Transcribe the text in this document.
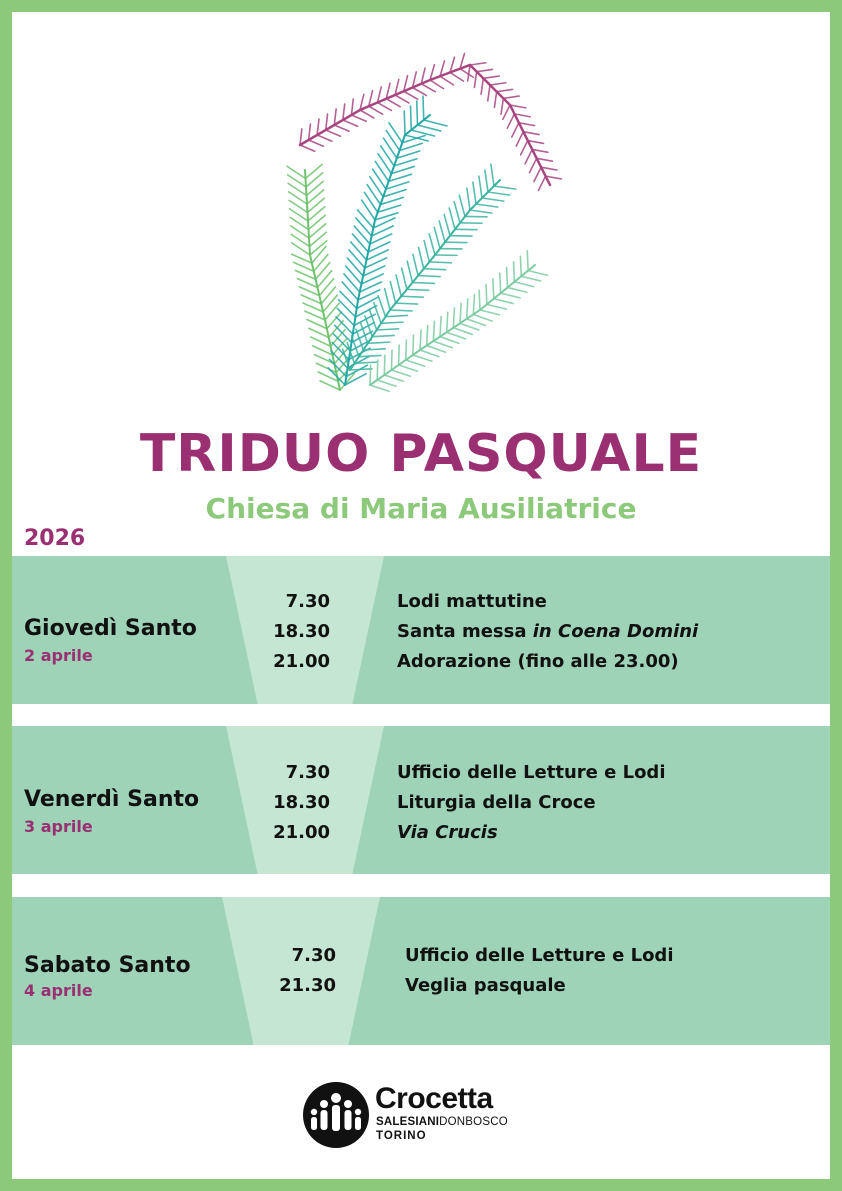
TRIDUO PASQUALE
Chiesa di Maria Ausiliatrice
2026
Giovedì Santo
2 aprile
7.30
18.30
21.00
Lodi mattutine
Santa messa in Coena Domini
Adorazione (fino alle 23.00)
Venerdì Santo
3 aprile
7.30
18.30
21.00
Ufficio delle Letture e Lodi
Liturgia della Croce
Via Crucis
Sabato Santo
4 aprile
7.30
21.30
Ufficio delle Letture e Lodi
Veglia pasquale
Crocetta
SALESIANIDONBOSCO
TORINO
